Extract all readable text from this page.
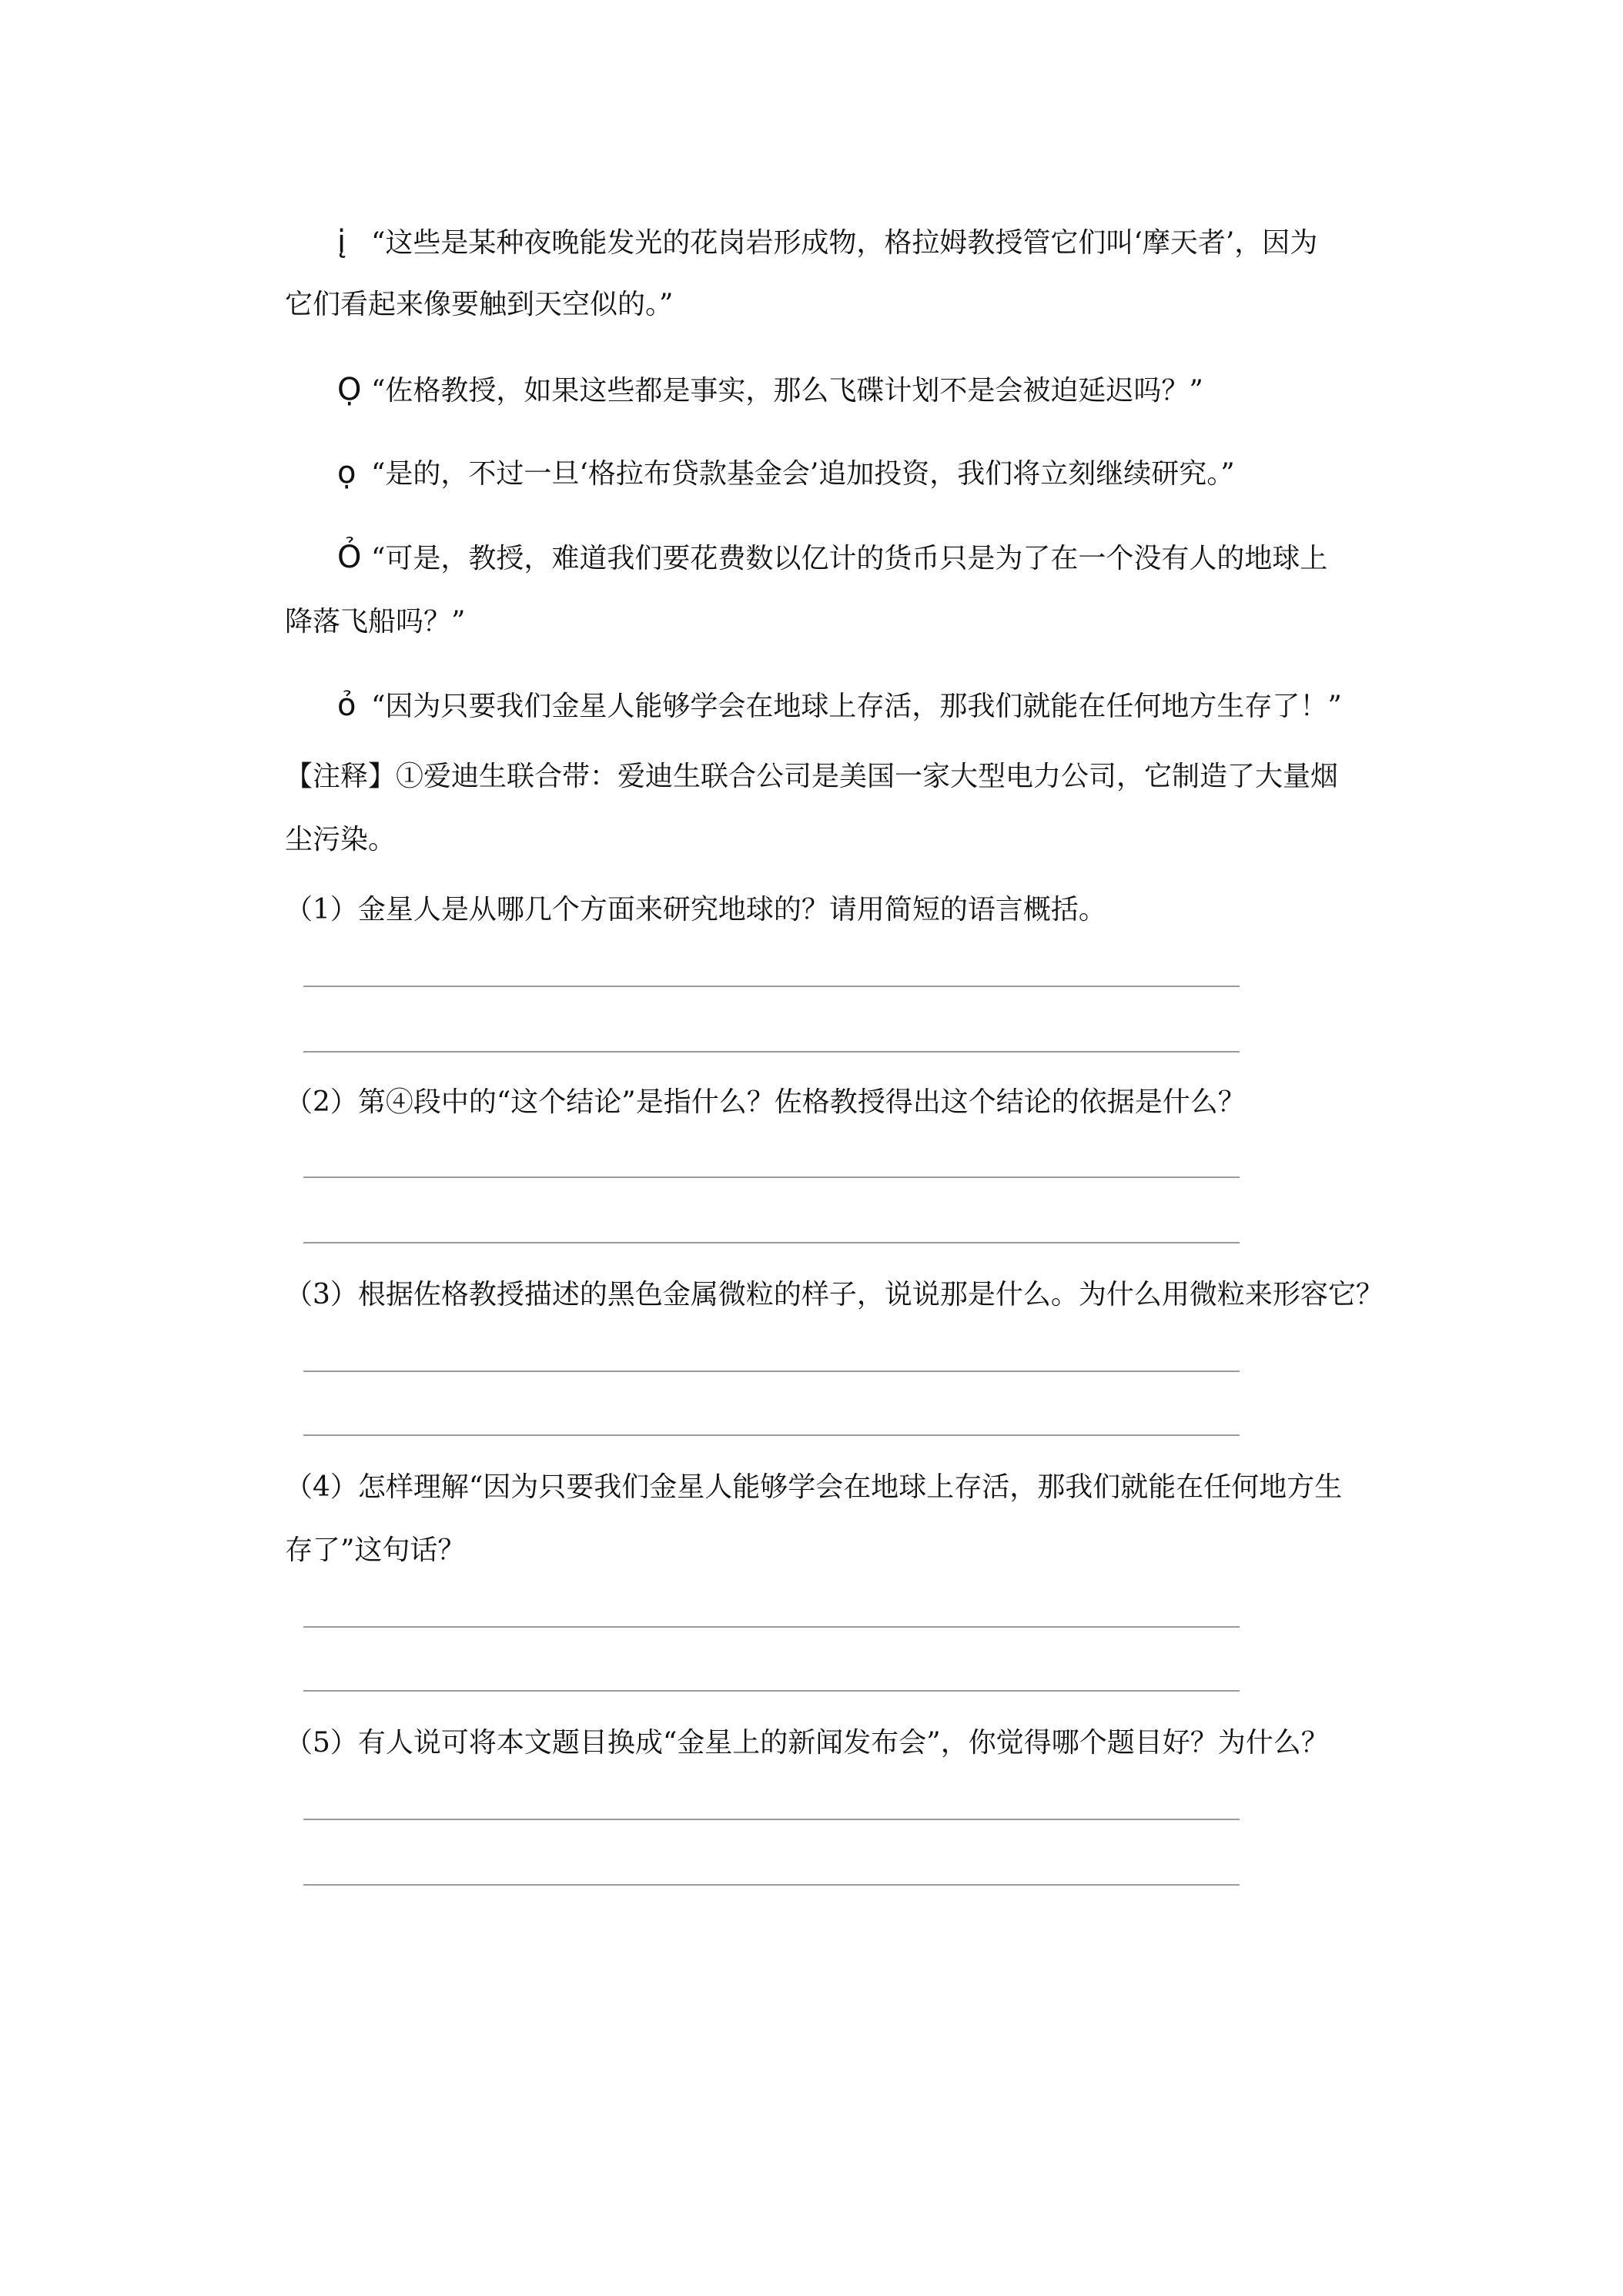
į “这些是某种夜晚能发光的花岗岩形成物，格拉姆教授管它们叫‘摩天者’，因为
它们看起来像要触到天空似的。”
Ọ “佐格教授，如果这些都是事实，那么飞碟计划不是会被迫延迟吗？”
ọ “是的，不过一旦‘格拉布贷款基金会’追加投资，我们将立刻继续研究。”
Ỏ “可是，教授，难道我们要花费数以亿计的货币只是为了在一个没有人的地球上
降落飞船吗？”
ỏ “因为只要我们金星人能够学会在地球上存活，那我们就能在任何地方生存了！”
【注释】①爱迪生联合带：爱迪生联合公司是美国一家大型电力公司，它制造了大量烟
尘污染。
（1）金星人是从哪几个方面来研究地球的？请用简短的语言概括。
（2）第④段中的“这个结论”是指什么？佐格教授得出这个结论的依据是什么？
（3）根据佐格教授描述的黑色金属微粒的样子，说说那是什么。为什么用微粒来形容它？
（4）怎样理解“因为只要我们金星人能够学会在地球上存活，那我们就能在任何地方生
存了”这句话？
（5）有人说可将本文题目换成“金星上的新闻发布会”，你觉得哪个题目好？为什么？
